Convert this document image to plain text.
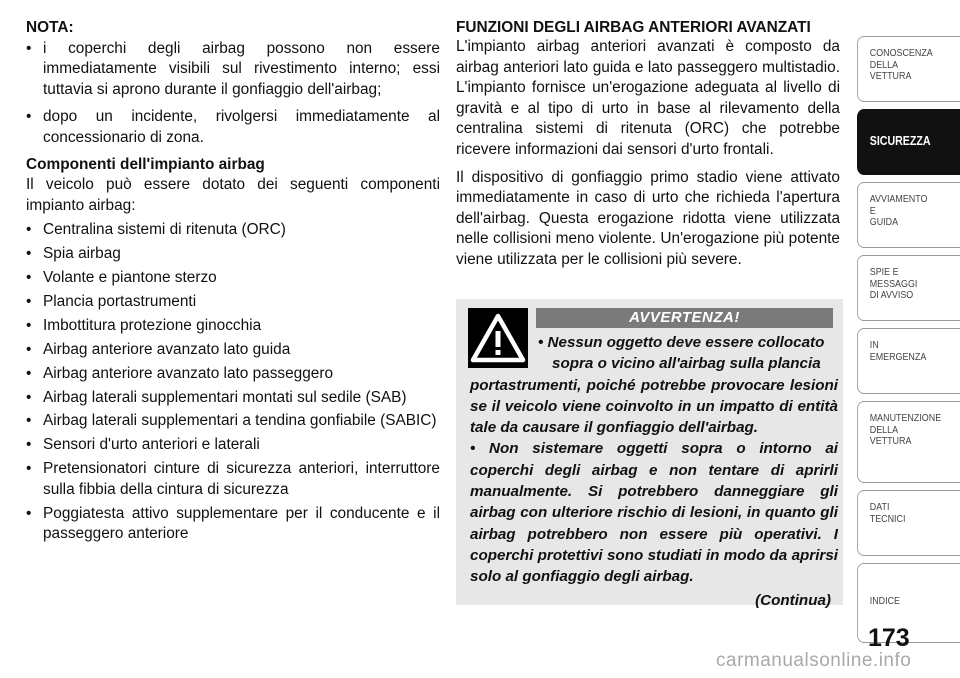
NOTA:

• i coperchi degli airbag possono non essere immediatamente visibili sul rivestimento interno; essi tuttavia si aprono durante il gonfiaggio dell'airbag;
• dopo un incidente, rivolgersi immediatamente al concessionario di zona.

Componenti dell'impianto airbag

Il veicolo può essere dotato dei seguenti componenti impianto airbag:

• Centralina sistemi di ritenuta (ORC)
• Spia airbag
• Volante e piantone sterzo
• Plancia portastrumenti
• Imbottitura protezione ginocchia
• Airbag anteriore avanzato lato guida
• Airbag anteriore avanzato lato passeggero
• Airbag laterali supplementari montati sul sedile (SAB)
• Airbag laterali supplementari a tendina gonfiabile (SABIC)
• Sensori d'urto anteriori e laterali
• Pretensionatori cinture di sicurezza anteriori, interruttore sulla fibbia della cintura di sicurezza
• Poggiatesta attivo supplementare per il conducente e il passeggero anteriore

FUNZIONI DEGLI AIRBAG ANTERIORI AVANZATI

L'impianto airbag anteriori avanzati è composto da airbag anteriori lato guida e lato passeggero multistadio. L'impianto fornisce un'erogazione adeguata al livello di gravità e al tipo di urto in base al rilevamento della centralina sistemi di ritenuta (ORC) che potrebbe ricevere informazioni dai sensori d'urto frontali.

Il dispositivo di gonfiaggio primo stadio viene attivato immediatamente in caso di urto che richieda l'apertura dell'airbag. Questa erogazione ridotta viene utilizzata nelle collisioni meno violente. Un'erogazione più potente viene utilizzata per le collisioni più severe.

AVVERTENZA!
• Nessun oggetto deve essere collocato
sopra o vicino all'airbag sulla plancia

portastrumenti, poiché potrebbe provocare lesioni se il veicolo viene coinvolto in un impatto di entità tale da causare il gonfiaggio dell'airbag.

• Non sistemare oggetti sopra o intorno ai coperchi degli airbag e non tentare di aprirli manualmente. Si potrebbero danneggiare gli airbag con ulteriore rischio di lesioni, in quanto gli airbag potrebbero non essere più operativi. I coperchi protettivi sono studiati in modo da aprirsi solo al gonfiaggio degli airbag.

(Continua)
CONOSCENZA
DELLA
VETTURA
SICUREZZA
AVVIAMENTO
E
GUIDA
SPIE E
MESSAGGI
DI AVVISO
IN
EMERGENZA
MANUTENZIONE
DELLA
VETTURA
DATI
TECNICI
INDICE
173
carmanualsonline.info
